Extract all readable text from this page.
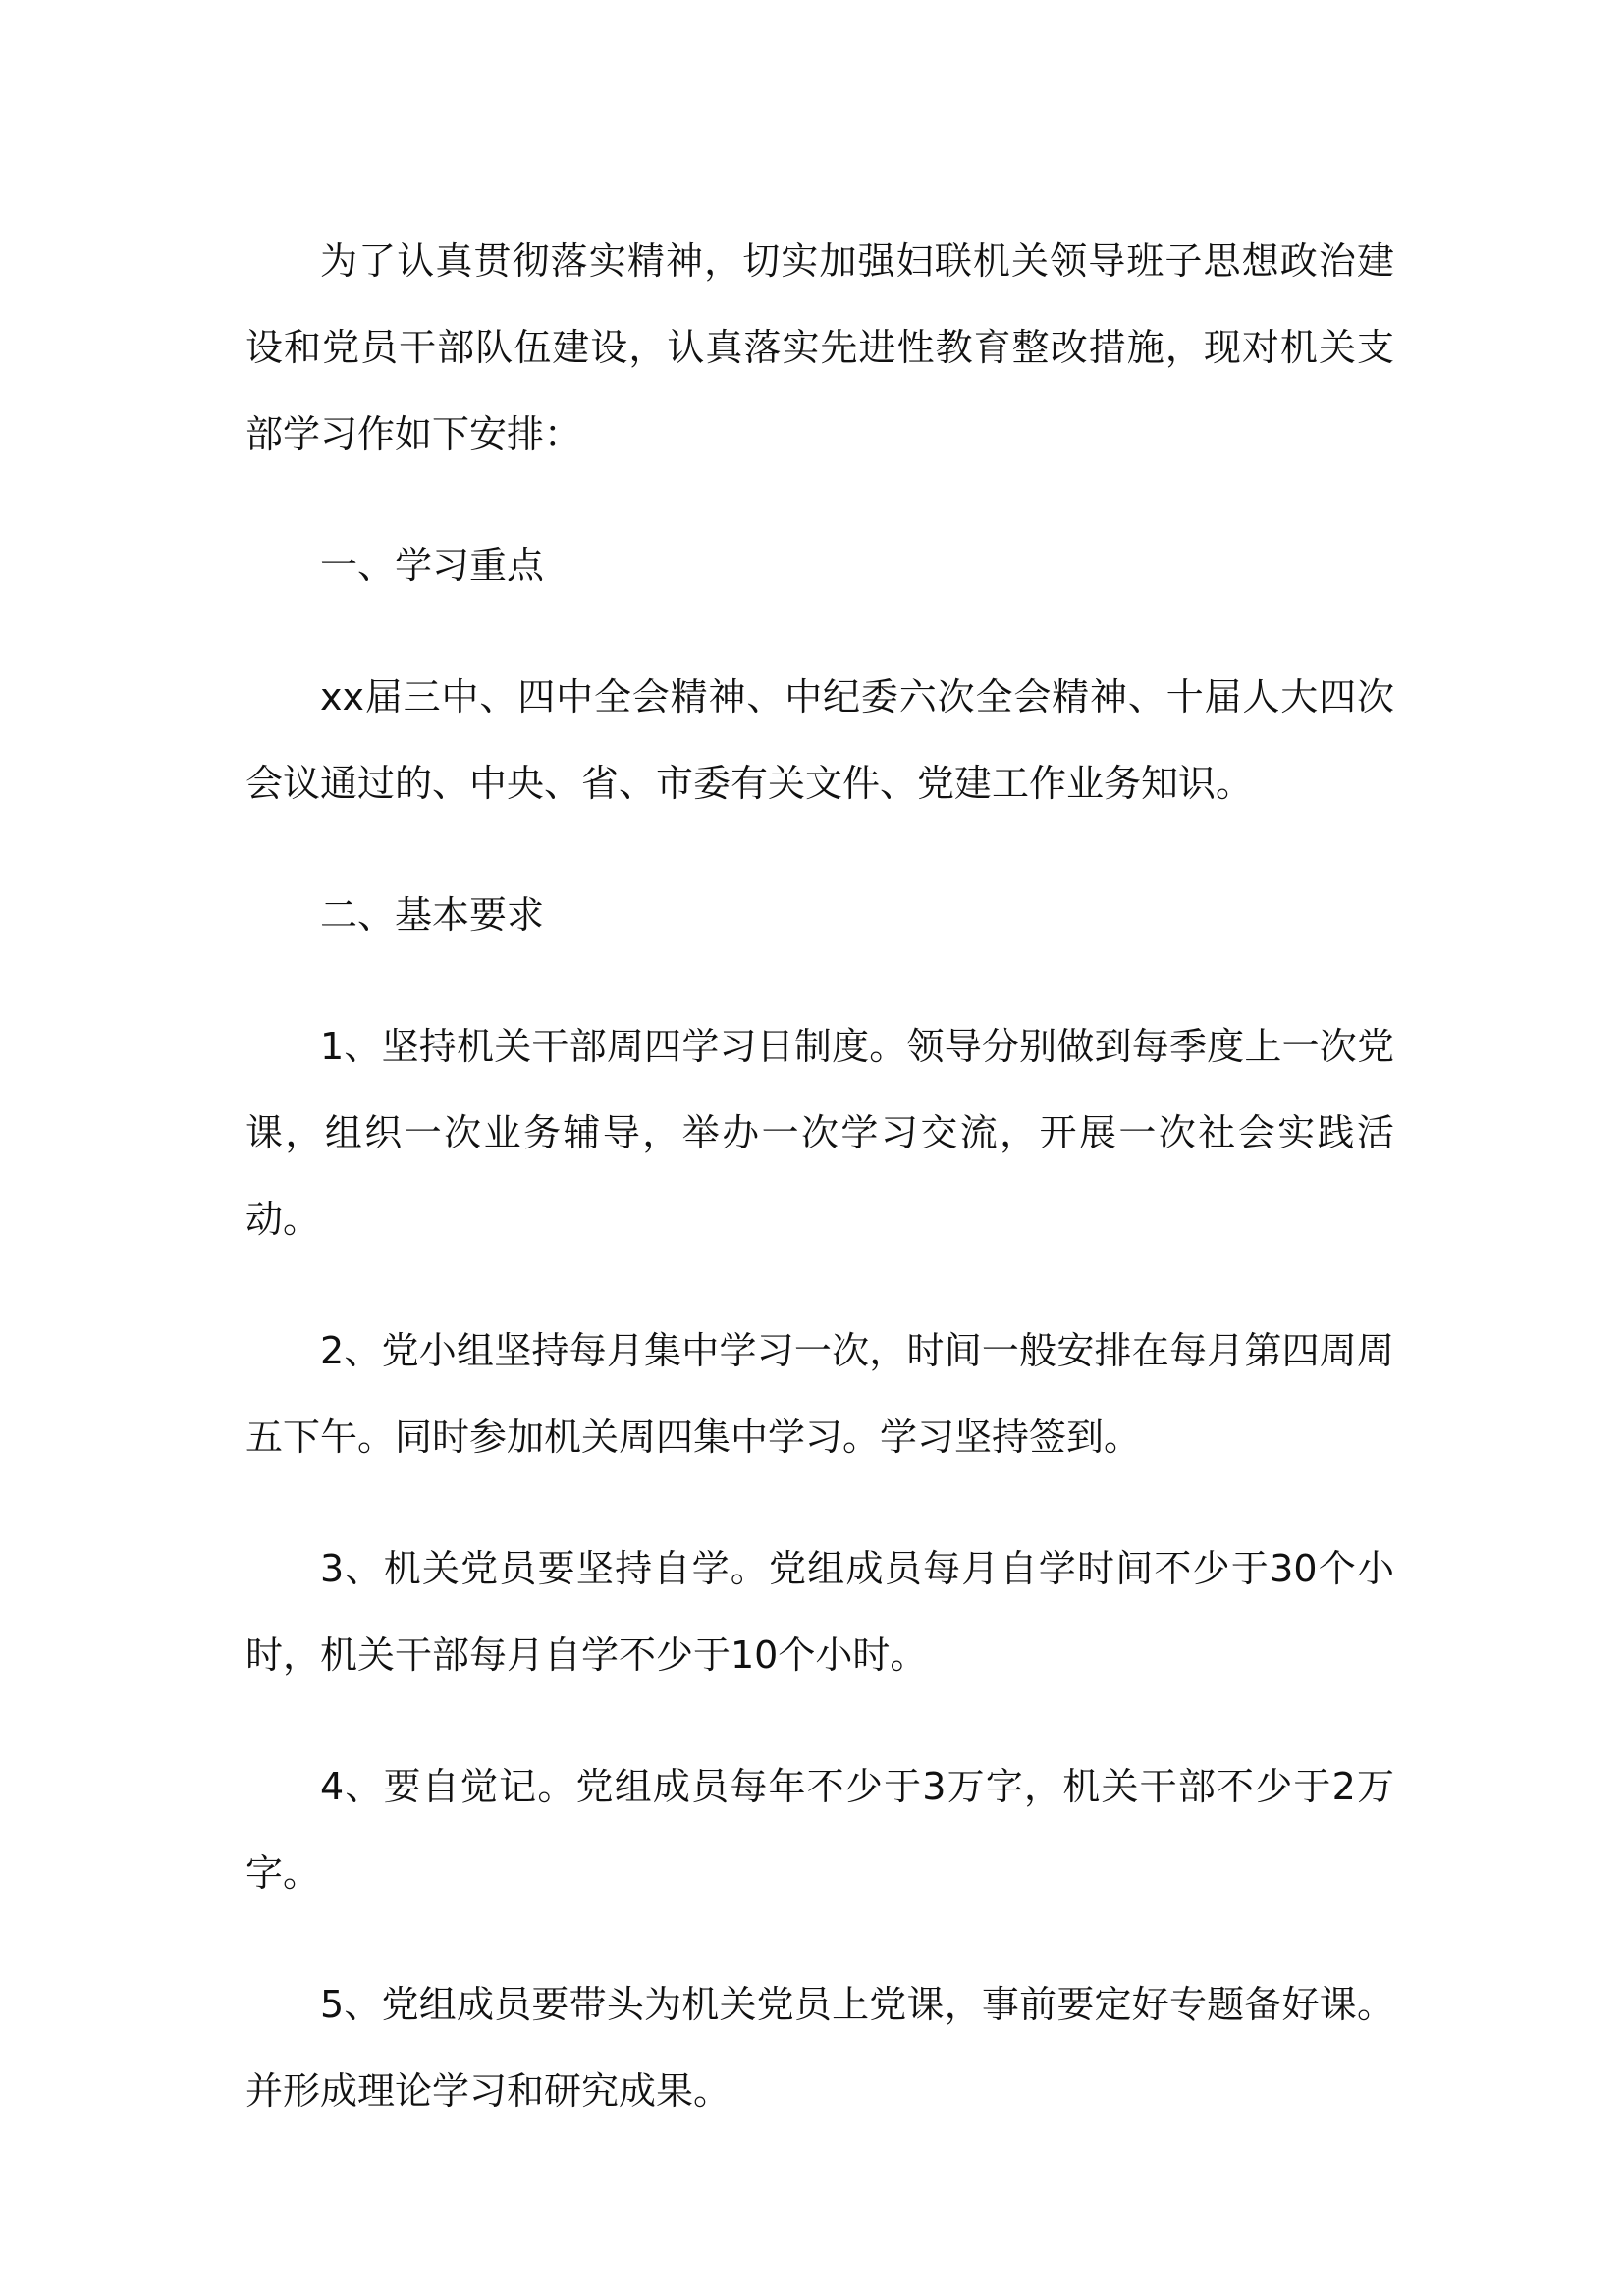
为了认真贯彻落实精神，切实加强妇联机关领导班子思想政治建设和党员干部队伍建设，认真落实先进性教育整改措施，现对机关支部学习作如下安排：

一、学习重点

xx届三中、四中全会精神、中纪委六次全会精神、十届人大四次会议通过的、中央、省、市委有关文件、党建工作业务知识。

二、基本要求

1、坚持机关干部周四学习日制度。领导分别做到每季度上一次党课，组织一次业务辅导，举办一次学习交流，开展一次社会实践活动。

2、党小组坚持每月集中学习一次，时间一般安排在每月第四周周五下午。同时参加机关周四集中学习。学习坚持签到。

3、机关党员要坚持自学。党组成员每月自学时间不少于30个小时，机关干部每月自学不少于10个小时。

4、要自觉记。党组成员每年不少于3万字，机关干部不少于2万字。

5、党组成员要带头为机关党员上党课，事前要定好专题备好课。并形成理论学习和研究成果。
